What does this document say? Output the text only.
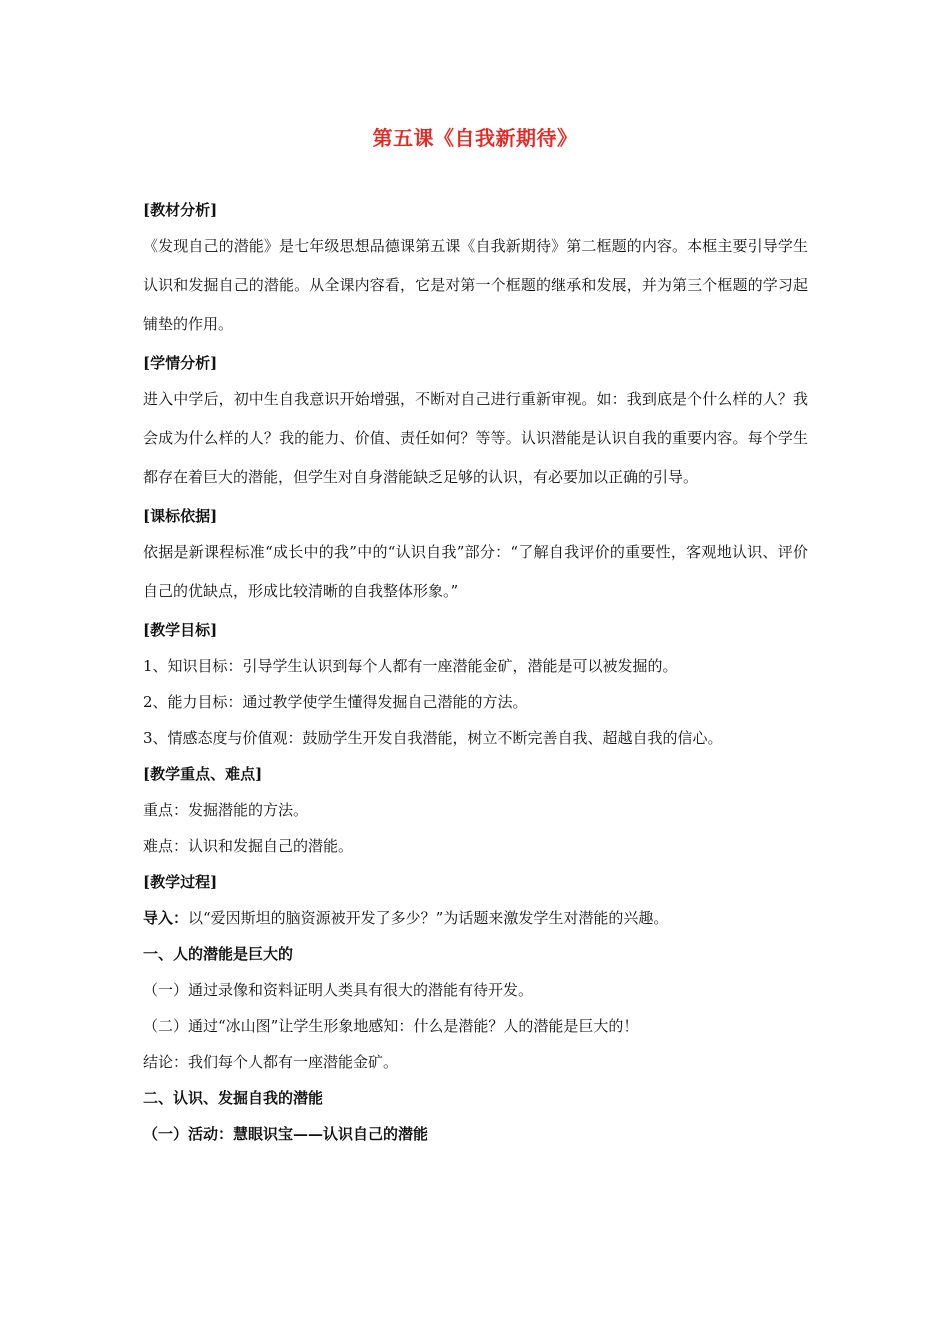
第五课《自我新期待》
[教材分析]
《发现自己的潜能》是七年级思想品德课第五课《自我新期待》第二框题的内容。本框主要引导学生认识和发掘自己的潜能。从全课内容看，它是对第一个框题的继承和发展，并为第三个框题的学习起铺垫的作用。
[学情分析]
进入中学后，初中生自我意识开始增强，不断对自己进行重新审视。如：我到底是个什么样的人？我会成为什么样的人？我的能力、价值、责任如何？等等。认识潜能是认识自我的重要内容。每个学生都存在着巨大的潜能，但学生对自身潜能缺乏足够的认识，有必要加以正确的引导。
[课标依据]
依据是新课程标准“成长中的我”中的“认识自我”部分：“了解自我评价的重要性，客观地认识、评价自己的优缺点，形成比较清晰的自我整体形象。”
[教学目标]
1、知识目标：引导学生认识到每个人都有一座潜能金矿，潜能是可以被发掘的。
2、能力目标：通过教学使学生懂得发掘自己潜能的方法。
3、情感态度与价值观：鼓励学生开发自我潜能，树立不断完善自我、超越自我的信心。
[教学重点、难点]
重点：发掘潜能的方法。
难点：认识和发掘自己的潜能。
[教学过程]
导入：以“爱因斯坦的脑资源被开发了多少？”为话题来激发学生对潜能的兴趣。
一、人的潜能是巨大的
（一）通过录像和资料证明人类具有很大的潜能有待开发。
（二）通过“冰山图”让学生形象地感知：什么是潜能？人的潜能是巨大的！
结论：我们每个人都有一座潜能金矿。
二、认识、发掘自我的潜能
（一）活动：慧眼识宝——认识自己的潜能
